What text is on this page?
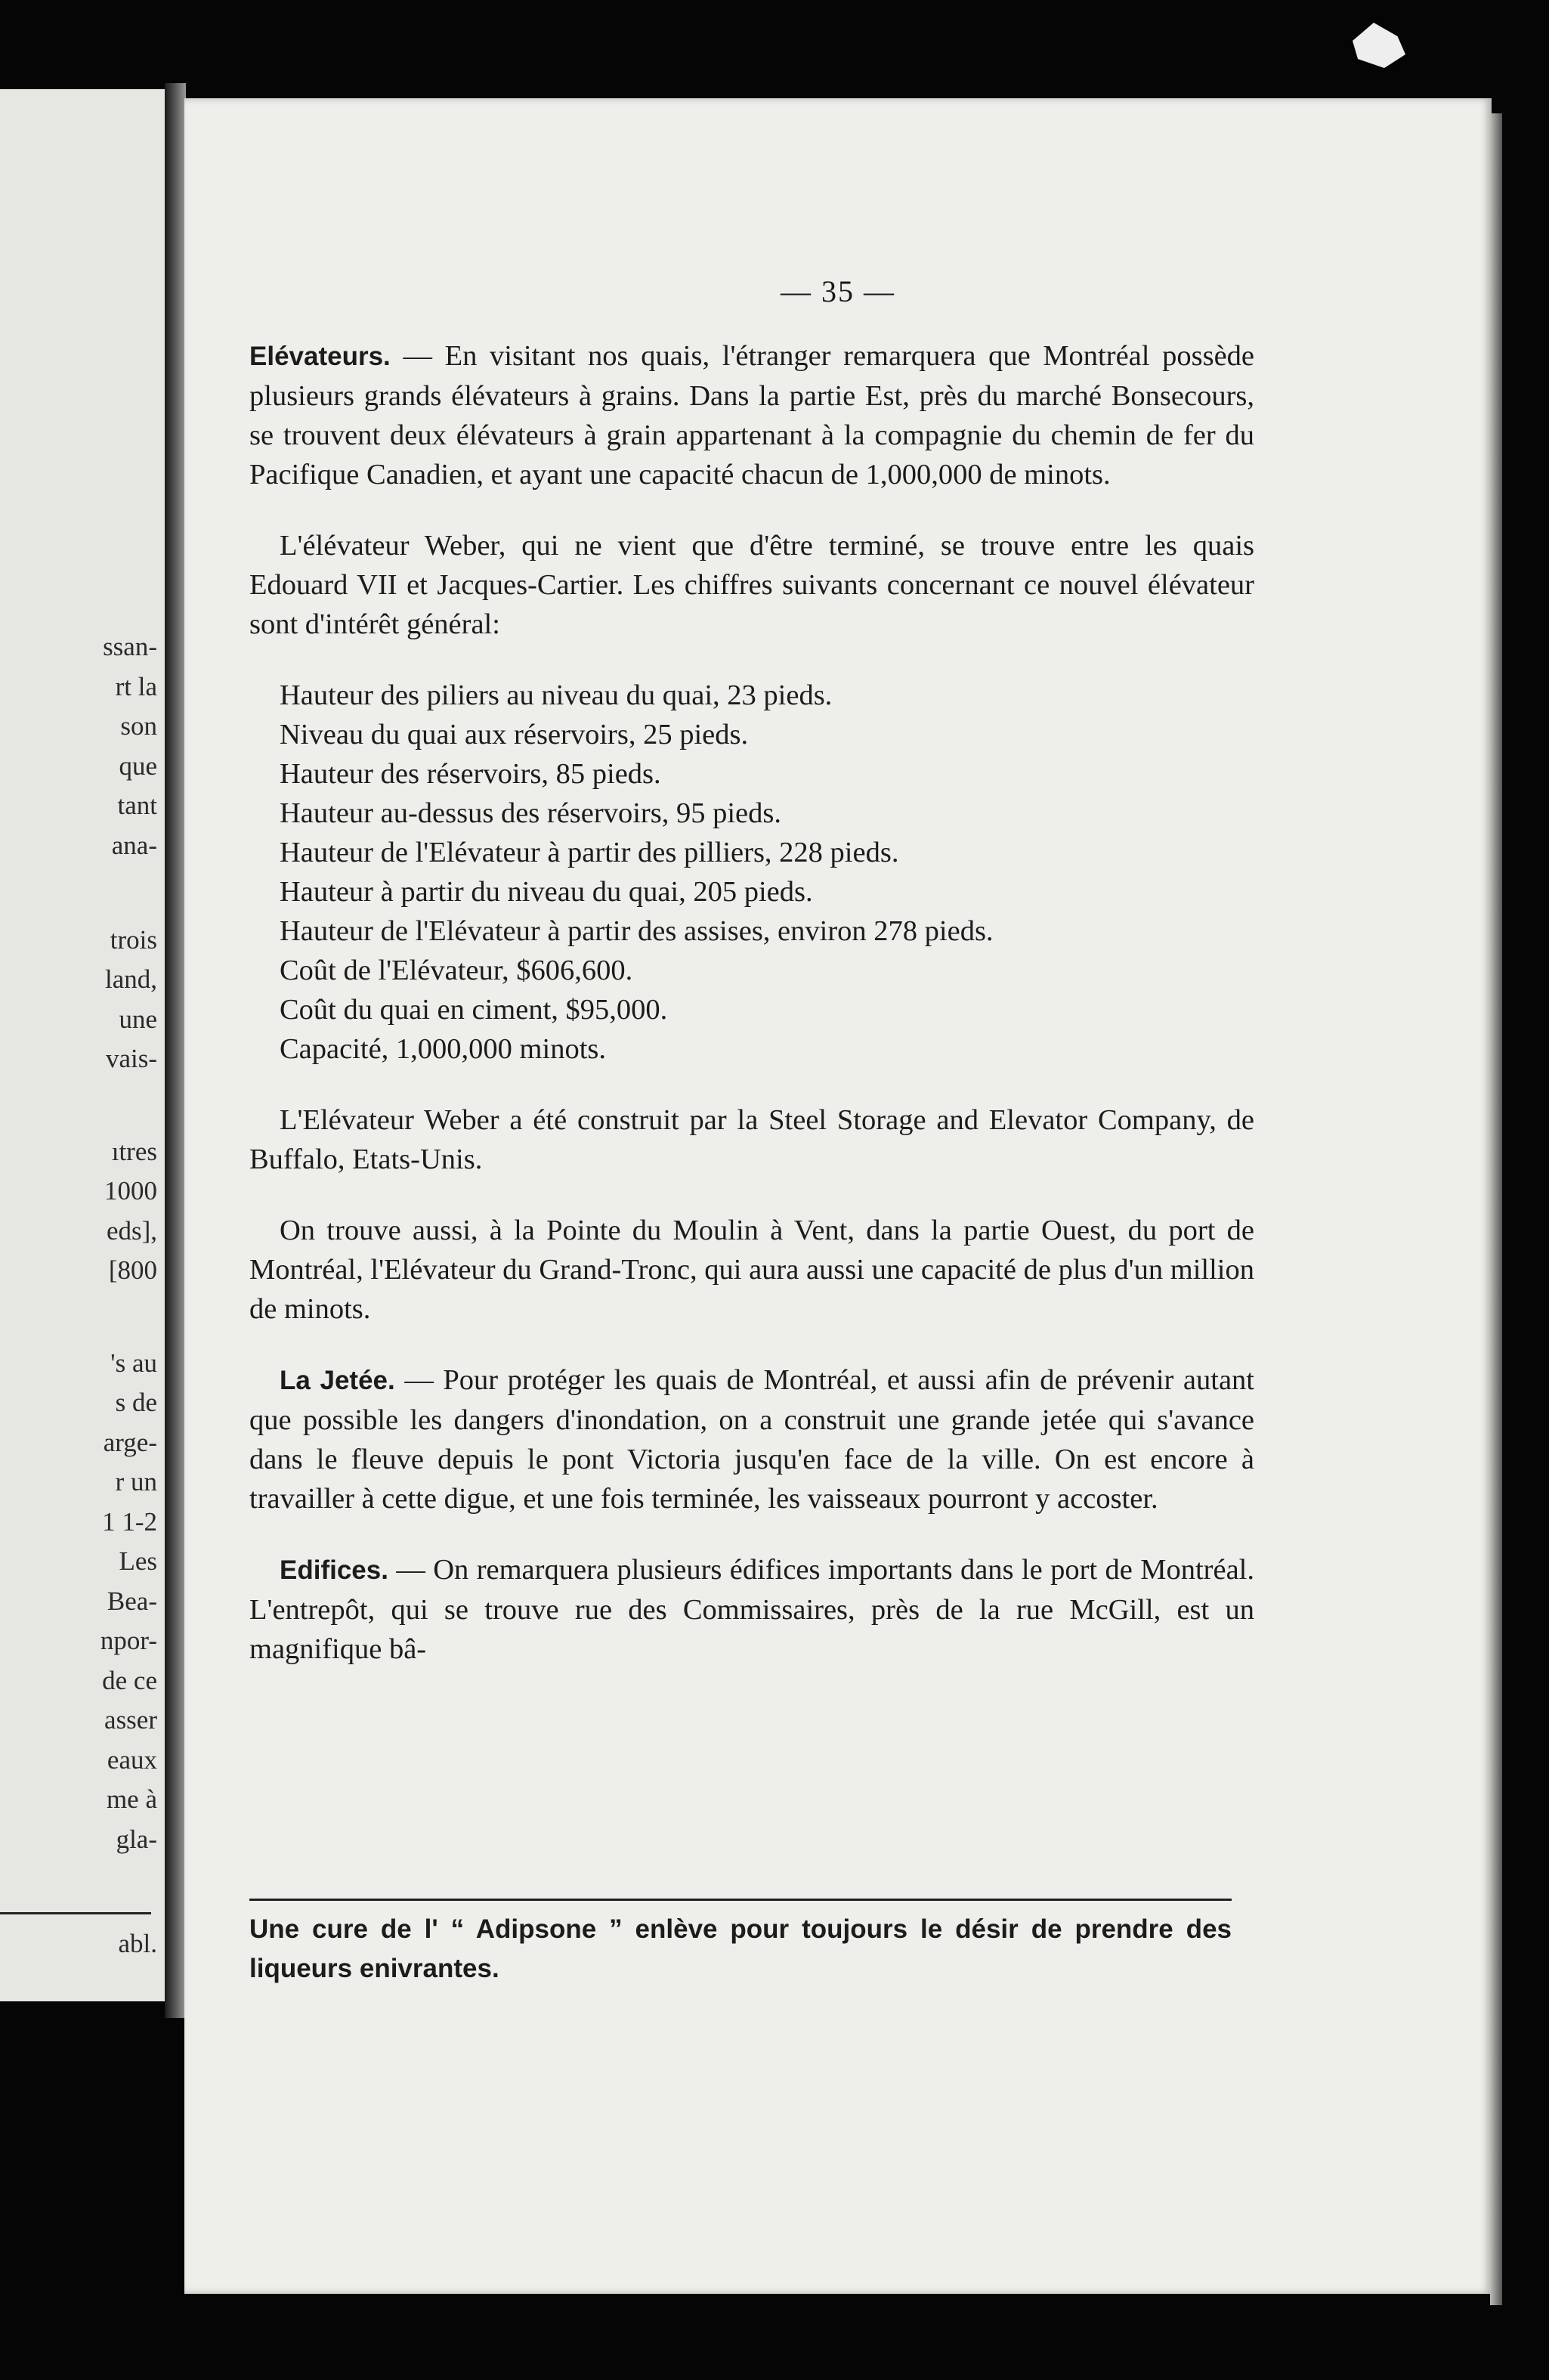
ssan-
rt la
son
que
tant
ana-
trois
land,
une
vais-
ıtres
1000
eds],
[800
's au
s de
arge-
r un
1 1-2
Les
Bea-
npor-
de ce
asser
eaux
me à
gla-
abl.
— 35 —

Elévateurs. — En visitant nos quais, l'étranger remarquera que Montréal possède plusieurs grands élévateurs à grains. Dans la partie Est, près du marché Bonsecours, se trouvent deux élévateurs à grain appartenant à la compagnie du chemin de fer du Pacifique Canadien, et ayant une capacité chacun de 1,000,000 de minots.

L'élévateur Weber, qui ne vient que d'être terminé, se trouve entre les quais Edouard VII et Jacques-Cartier. Les chiffres suivants concernant ce nouvel élévateur sont d'intérêt général:

Hauteur des piliers au niveau du quai, 23 pieds.
Niveau du quai aux réservoirs, 25 pieds.
Hauteur des réservoirs, 85 pieds.
Hauteur au-dessus des réservoirs, 95 pieds.
Hauteur de l'Elévateur à partir des pilliers, 228 pieds.
Hauteur à partir du niveau du quai, 205 pieds.
Hauteur de l'Elévateur à partir des assises, environ 278 pieds.
Coût de l'Elévateur, $606,600.
Coût du quai en ciment, $95,000.
Capacité, 1,000,000 minots.

L'Elévateur Weber a été construit par la Steel Storage and Elevator Company, de Buffalo, Etats-Unis.

On trouve aussi, à la Pointe du Moulin à Vent, dans la partie Ouest, du port de Montréal, l'Elévateur du Grand-Tronc, qui aura aussi une capacité de plus d'un million de minots.

La Jetée. — Pour protéger les quais de Montréal, et aussi afin de prévenir autant que possible les dangers d'inondation, on a construit une grande jetée qui s'avance dans le fleuve depuis le pont Victoria jusqu'en face de la ville. On est encore à travailler à cette digue, et une fois terminée, les vaisseaux pourront y accoster.

Edifices. — On remarquera plusieurs édifices importants dans le port de Montréal. L'entrepôt, qui se trouve rue des Commissaires, près de la rue McGill, est un magnifique bâ-

Une cure de l' “ Adipsone ” enlève pour toujours le désir de prendre des liqueurs enivrantes.
